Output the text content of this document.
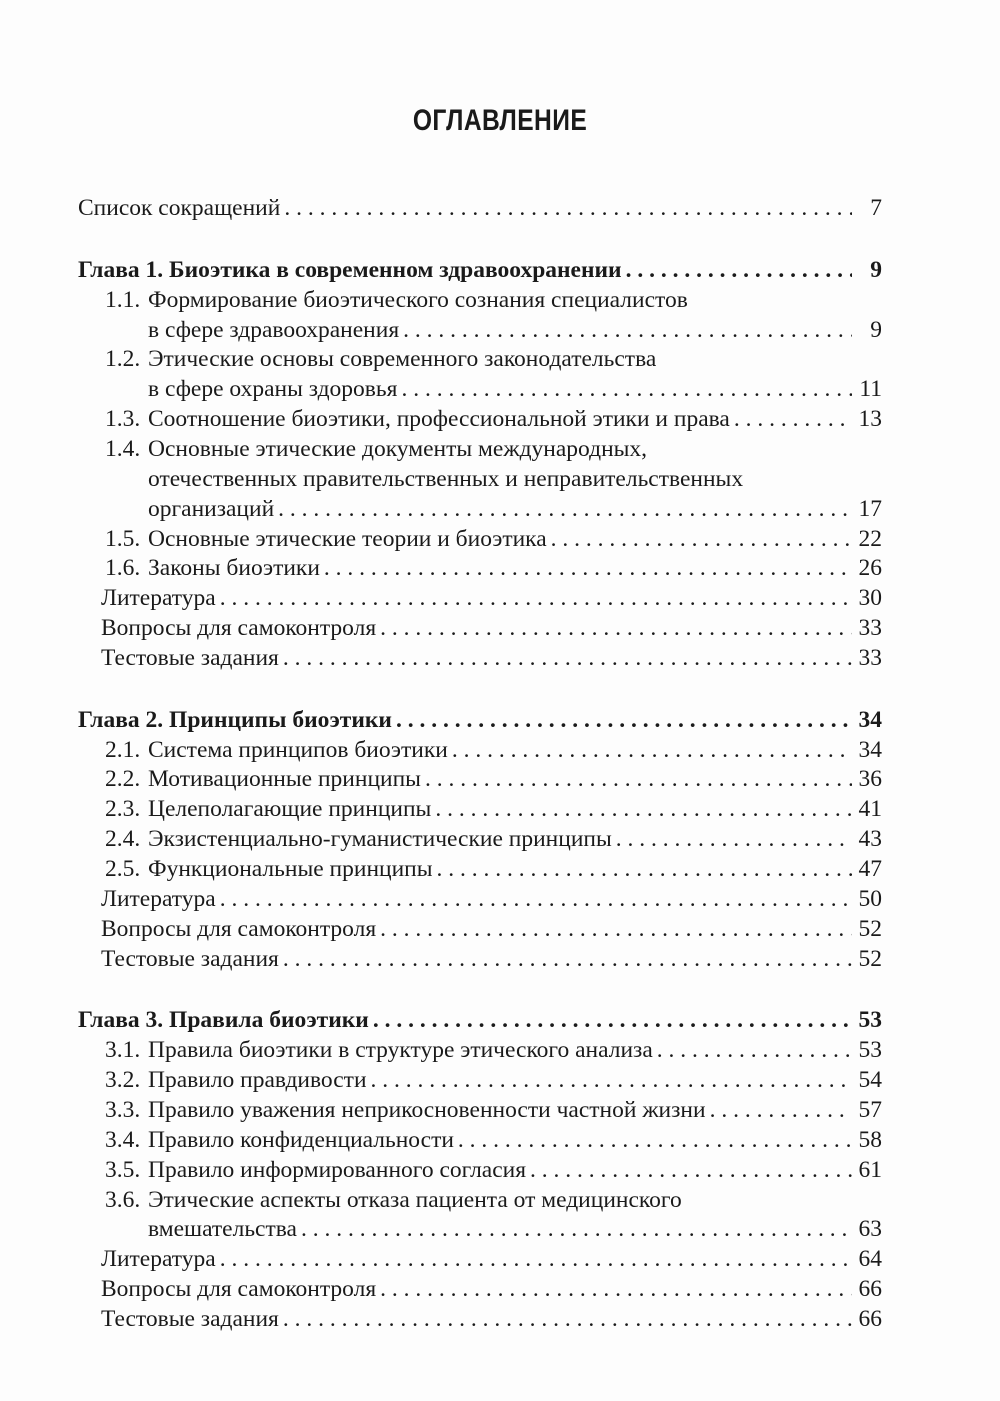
ОГЛАВЛЕНИЕ
Список сокращений . . .	7
Глава 1. Биоэтика в современном здравоохранении . . .	9
1.1. Формирование биоэтического сознания специалистов
в сфере здравоохранения . . .	9
1.2. Этические основы современного законодательства
в сфере охраны здоровья . . .	11
1.3. Соотношение биоэтики, профессиональной этики и права . . .	13
1.4. Основные этические документы международных,
отечественных правительственных и неправительственных
организаций . . .	17
1.5. Основные этические теории и биоэтика . . .	22
1.6. Законы биоэтики . . .	26
Литература . . .	30
Вопросы для самоконтроля . . .	33
Тестовые задания . . .	33
Глава 2. Принципы биоэтики . . .	34
2.1. Система принципов биоэтики . . .	34
2.2. Мотивационные принципы . . .	36
2.3. Целеполагающие принципы . . .	41
2.4. Экзистенциально-гуманистические принципы . . .	43
2.5. Функциональные принципы . . .	47
Литература . . .	50
Вопросы для самоконтроля . . .	52
Тестовые задания . . .	52
Глава 3. Правила биоэтики . . .	53
3.1. Правила биоэтики в структуре этического анализа . . .	53
3.2. Правило правдивости . . .	54
3.3. Правило уважения неприкосновенности частной жизни . . .	57
3.4. Правило конфиденциальности . . .	58
3.5. Правило информированного согласия . . .	61
3.6. Этические аспекты отказа пациента от медицинского
вмешательства . . .	63
Литература . . .	64
Вопросы для самоконтроля . . .	66
Тестовые задания . . .	66
